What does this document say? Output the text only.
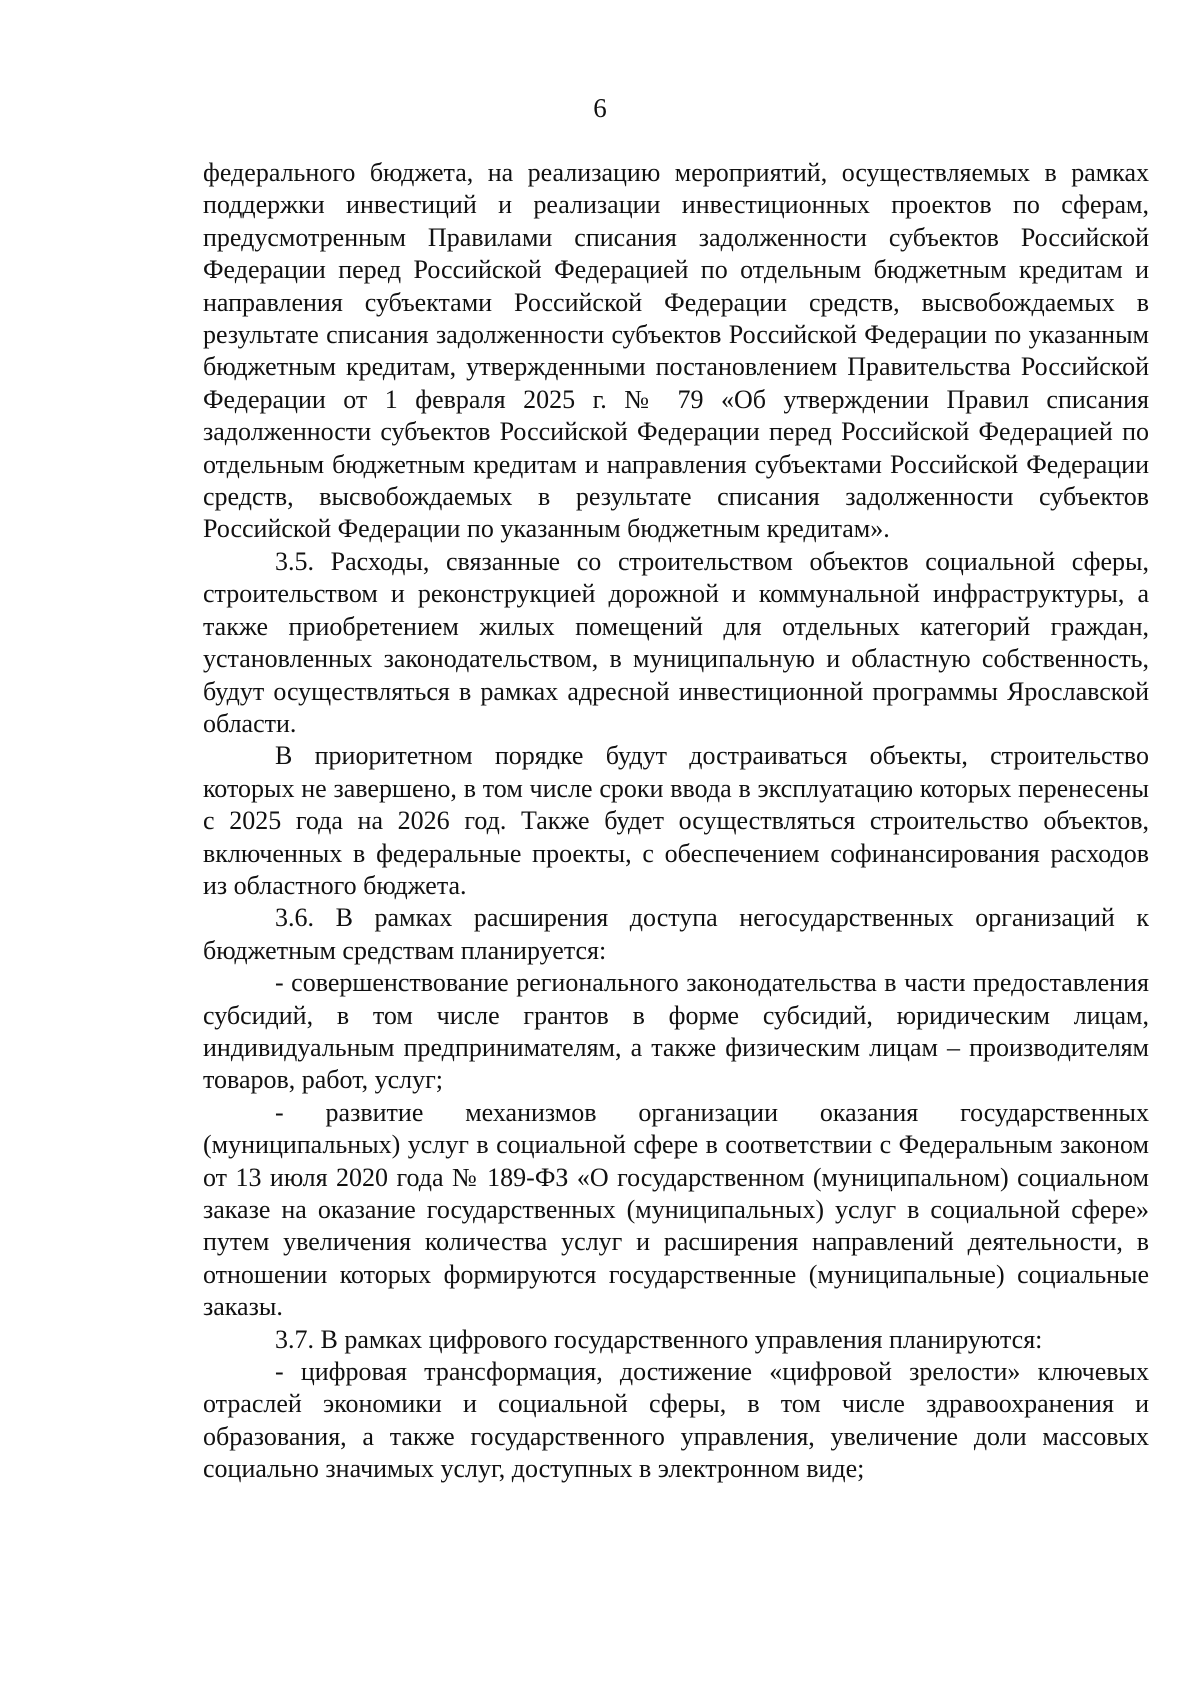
6

федерального бюджета, на реализацию мероприятий, осуществляемых в рамках поддержки инвестиций и реализации инвестиционных проектов по сферам, предусмотренным Правилами списания задолженности субъектов Российской Федерации перед Российской Федерацией по отдельным бюджетным кредитам и направления субъектами Российской Федерации средств, высвобождаемых в результате списания задолженности субъектов Российской Федерации по указанным бюджетным кредитам, утвержденными постановлением Правительства Российской Федерации от 1 февраля 2025 г. № 79 «Об утверждении Правил списания задолженности субъектов Российской Федерации перед Российской Федерацией по отдельным бюджетным кредитам и направления субъектами Российской Федерации средств, высвобождаемых в результате списания задолженности субъектов Российской Федерации по указанным бюджетным кредитам».

3.5. Расходы, связанные со строительством объектов социальной сферы, строительством и реконструкцией дорожной и коммунальной инфраструктуры, а также приобретением жилых помещений для отдельных категорий граждан, установленных законодательством, в муниципальную и областную собственность, будут осуществляться в рамках адресной инвестиционной программы Ярославской области.

В приоритетном порядке будут достраиваться объекты, строительство которых не завершено, в том числе сроки ввода в эксплуатацию которых перенесены с 2025 года на 2026 год. Также будет осуществляться строительство объектов, включенных в федеральные проекты, с обеспечением софинансирования расходов из областного бюджета.

3.6. В рамках расширения доступа негосударственных организаций к бюджетным средствам планируется:

- совершенствование регионального законодательства в части предоставления субсидий, в том числе грантов в форме субсидий, юридическим лицам, индивидуальным предпринимателям, а также физическим лицам – производителям товаров, работ, услуг;

- развитие механизмов организации оказания государственных (муниципальных) услуг в социальной сфере в соответствии с Федеральным законом от 13 июля 2020 года № 189-ФЗ «О государственном (муниципальном) социальном заказе на оказание государственных (муниципальных) услуг в социальной сфере» путем увеличения количества услуг и расширения направлений деятельности, в отношении которых формируются государственные (муниципальные) социальные заказы.

3.7. В рамках цифрового государственного управления планируются:

- цифровая трансформация, достижение «цифровой зрелости» ключевых отраслей экономики и социальной сферы, в том числе здравоохранения и образования, а также государственного управления, увеличение доли массовых социально значимых услуг, доступных в электронном виде;
